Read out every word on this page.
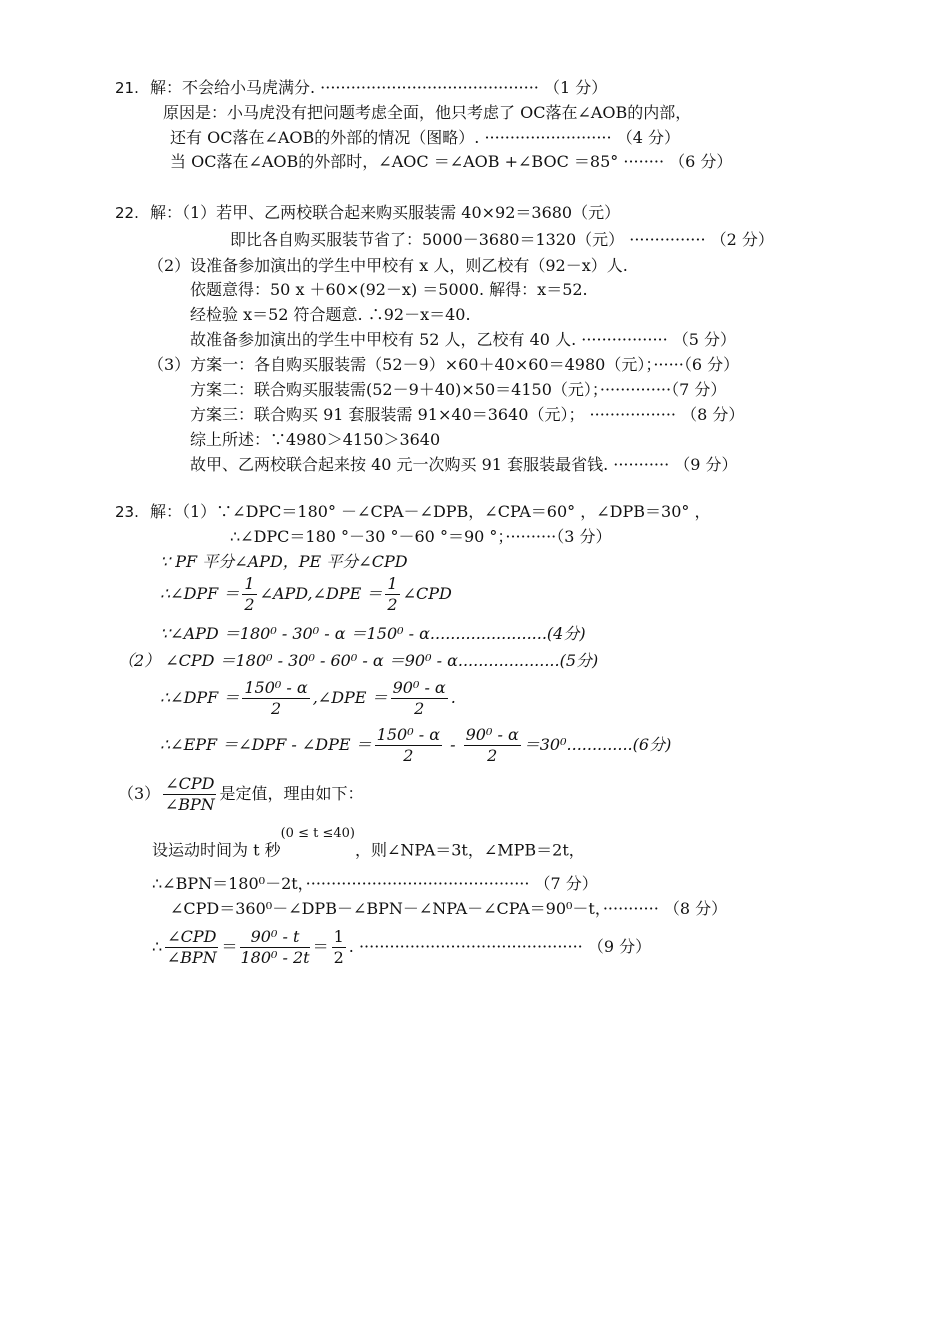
21. 解：不会给小马虎满分. ··········································· （1 分）
原因是：小马虎没有把问题考虑全面，他只考虑了 OC落在∠AOB的内部，
还有 OC落在∠AOB的外部的情况（图略）. ························· （4 分）
当 OC落在∠AOB的外部时，∠AOC ＝∠AOB +∠BOC ＝85° ········ （6 分）
22. 解：（1）若甲、乙两校联合起来购买服装需 40×92＝3680（元）
即比各自购买服装节省了：5000－3680＝1320（元） ··············· （2 分）
（2）设准备参加演出的学生中甲校有 x 人，则乙校有（92－x）人.
依题意得：50 x ＋60×(92－x) ＝5000. 解得：x＝52.
经检验 x＝52 符合题意. ∴92－x＝40.
故准备参加演出的学生中甲校有 52 人，乙校有 40 人. ················· （5 分）
（3）方案一：各自购买服装需（52－9）×60＋40×60＝4980（元）；······（6 分）
方案二：联合购买服装需(52－9＋40)×50＝4150（元）；··············（7 分）
方案三：联合购买 91 套服装需 91×40＝3640（元）； ················· （8 分）
综上所述：∵4980＞4150＞3640
故甲、乙两校联合起来按 40 元一次购买 91 套服装最省钱. ··········· （9 分）
23. 解：（1）∵∠DPC＝180° －∠CPA－∠DPB，∠CPA＝60° ，∠DPB＝30° ，
∴∠DPC＝180 °－30 °－60 °＝90 °；··········（3 分）
∵ PF 平分∠APD，PE 平分∠CPD
∴∠DPF ＝ $\frac{1}{2}$ ∠APD,∠DPE ＝ $\frac{1}{2}$ ∠CPD
∵∠APD ＝180⁰ - 30⁰ - α ＝150⁰ - α.......................(4分)
（2） ∠CPD ＝180⁰ - 30⁰ - 60⁰ - α ＝90⁰ - α....................(5分)
∴∠DPF ＝ $\frac{\text{150⁰ - α}}{2}$ ,∠DPE ＝ $\frac{\text{90⁰ - α}}{2}$ .
∴∠EPF ＝∠DPF - ∠DPE ＝ $\frac{\text{150⁰ - α}}{2} - \frac{\text{90⁰ - α}}{2} =30^0.............(6$分)
$(3) \frac{\text{∠CPD}}{\text{∠BPN}}$ 是定值，理由如下：
设运动时间为 t 秒$^{(0 \le t \le 40)}$，则∠NPA＝3t，∠MPB＝2t，
∴∠BPN＝180⁰－2t，············································ （7 分）
∠CPD＝360⁰－∠DPB－∠BPN－∠NPA－∠CPA＝90⁰－t，··········· （8 分）
∴ $\frac{\text{∠CPD}}{\text{∠BPN}} = \frac{\text{90⁰ - t}}{\text{180⁰ - 2t}} = \frac{1}{2}$ . ············································ （9 分）
